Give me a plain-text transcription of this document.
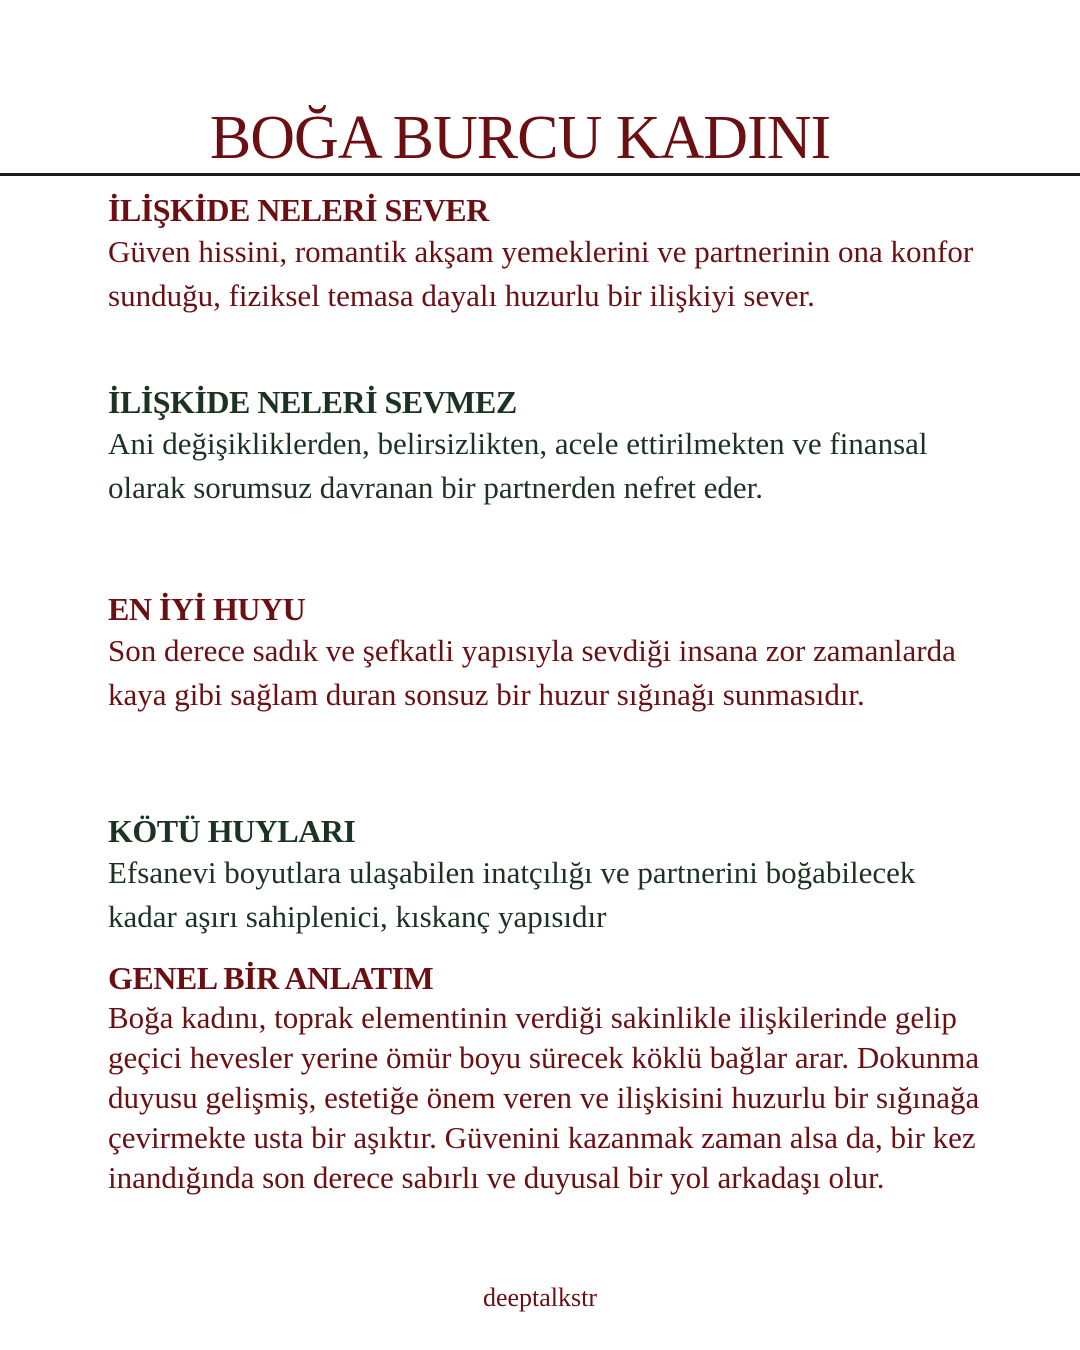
BOĞA BURCU KADINI
İLİŞKİDE NELERİ SEVER

Güven hissini, romantik akşam yemeklerini ve partnerinin ona konfor sunduğu, fiziksel temasa dayalı huzurlu bir ilişkiyi sever.

İLİŞKİDE NELERİ SEVMEZ

Ani değişikliklerden, belirsizlikten, acele ettirilmekten ve finansal olarak sorumsuz davranan bir partnerden nefret eder.

EN İYİ HUYU

Son derece sadık ve şefkatli yapısıyla sevdiği insana zor zamanlarda kaya gibi sağlam duran sonsuz bir huzur sığınağı sunmasıdır.

KÖTÜ HUYLARI

Efsanevi boyutlara ulaşabilen inatçılığı ve partnerini boğabilecek kadar aşırı sahiplenici, kıskanç yapısıdır

GENEL BİR ANLATIM

Boğa kadını, toprak elementinin verdiği sakinlikle ilişkilerinde gelip geçici hevesler yerine ömür boyu sürecek köklü bağlar arar. Dokunma duyusu gelişmiş, estetiğe önem veren ve ilişkisini huzurlu bir sığınağa çevirmekte usta bir aşıktır. Güvenini kazanmak zaman alsa da, bir kez inandığında son derece sabırlı ve duyusal bir yol arkadaşı olur.

deeptalkstr
